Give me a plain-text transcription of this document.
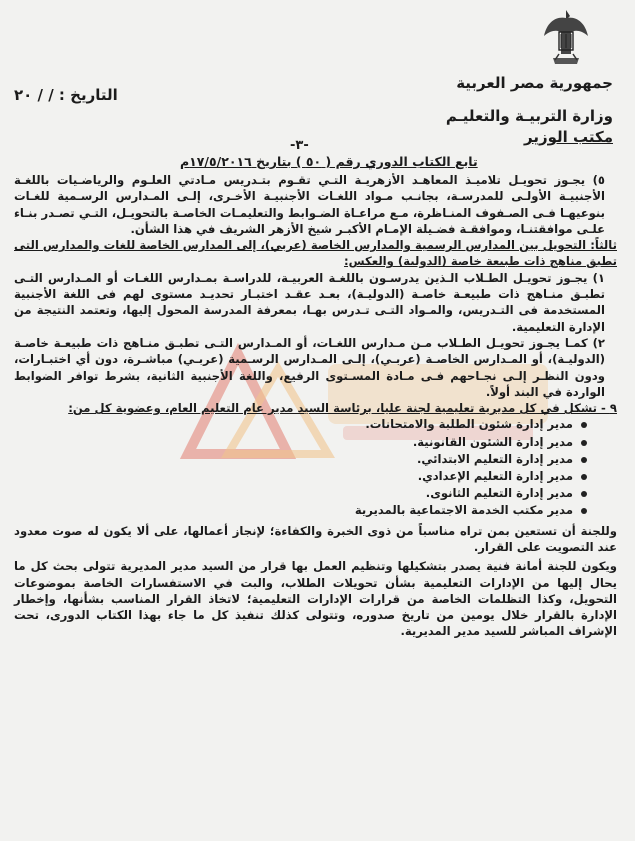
التاريخ : / / ٢٠
جمهورية مصر العربية
وزارة التربيـة والتعليـم
مكتب الوزير
-٣-
تابع الكتاب الدوري رقم ( ٥٠ ) بتاريخ ١٧/٥/٢٠١٦م

٥) يجـوز تحويـل تلاميـذ المعاهـد الأزهريـة التـي تقـوم بتـدريس مـادتي العلـوم والرياضـيات باللغـة الأجنبيـة الأولـى للمدرسـة، بجانـب مـواد اللغـات الأجنبيـة الأخـرى، إلـى المـدارس الرسـمية للغـات بنوعيهـا فـى الصـفوف المنـاظرة، مـع مراعـاة الضـوابط والتعليمـات الخاصـة بالتحويـل، التـي تصـدر بنـاء علـى موافقتنـا، وموافقـة فضـيلة الإمـام الأكبـر شيخ الأزهر الشريف في هذا الشأن.

ثالثاً: التحويل بين المدارس الرسمية والمدارس الخاصة (عربي)، إلى المدارس الخاصة للغات والمدارس التى تطبق مناهج ذات طبيعة خاصة (الدولية) والعكس:

١) يجـوز تحويـل الطـلاب الـذين يدرسـون باللغـة العربيـة، للدراسـة بمـدارس اللغـات أو المـدارس التـى تطبـق منـاهج ذات طبيعـة خاصـة (الدوليـة)، بعـد عقـد اختبـار تحديـد مستوى لهم فى اللغة الأجنبية المستخدمة فى التـدريس، والمـواد التـى تـدرس بهـا، بمعرفة المدرسة المحول إليها، وتعتمد النتيجة من الإدارة التعليمية.

٢) كمـا يجـوز تحويـل الطـلاب مـن مـدارس اللغـات، أو المـدارس التـى تطبـق منـاهج ذات طبيعـة خاصـة (الدوليـة)، أو المـدارس الخاصـة (عربـي)، إلـى المـدارس الرسـمية (عربـي) مباشـرة، دون أي اختبـارات، ودون النظـر إلـى نجـاحهم فـى مـادة المسـتوى الرفيع، واللغة الأجنبية الثانية، بشرط توافر الضوابط الواردة في البند أولاً.

٩ - تشكل في كل مديرية تعليمية لجنة عليا، برئاسة السيد مدير عام التعليم العام، وعضوية كل من:

مدير إدارة شئون الطلبة والامتحانات.
مدير إدارة الشئون القانونية.
مدير إدارة التعليم الابتدائي.
مدير إدارة التعليم الإعدادي.
مدير إدارة التعليم الثانوى.
مدير مكتب الخدمة الاجتماعية بالمديرية

وللجنة أن تستعين بمن تراه مناسباً من ذوى الخبرة والكفاءة؛ لإنجاز أعمالها، على ألا يكون له صوت معدود عند التصويت على القرار.

ويكون للجنة أمانة فنية يصدر بتشكيلها وتنظيم العمل بها قرار من السيد مدير المديرية تتولى بحث كل ما يحال إليها من الإدارات التعليمية بشأن تحويلات الطلاب، والبت في الاستفسارات الخاصة بموضوعات التحويل، وكذا التظلمات الخاصة من قرارات الإدارات التعليمية؛ لاتخاذ القرار المناسب بشأنها، وإخطار الإدارة بالقرار خلال يومين من تاريخ صدوره، وتتولى كذلك تنفيذ كل ما جاء بهذا الكتاب الدورى، تحت الإشراف المباشر للسيد مدير المديرية.
